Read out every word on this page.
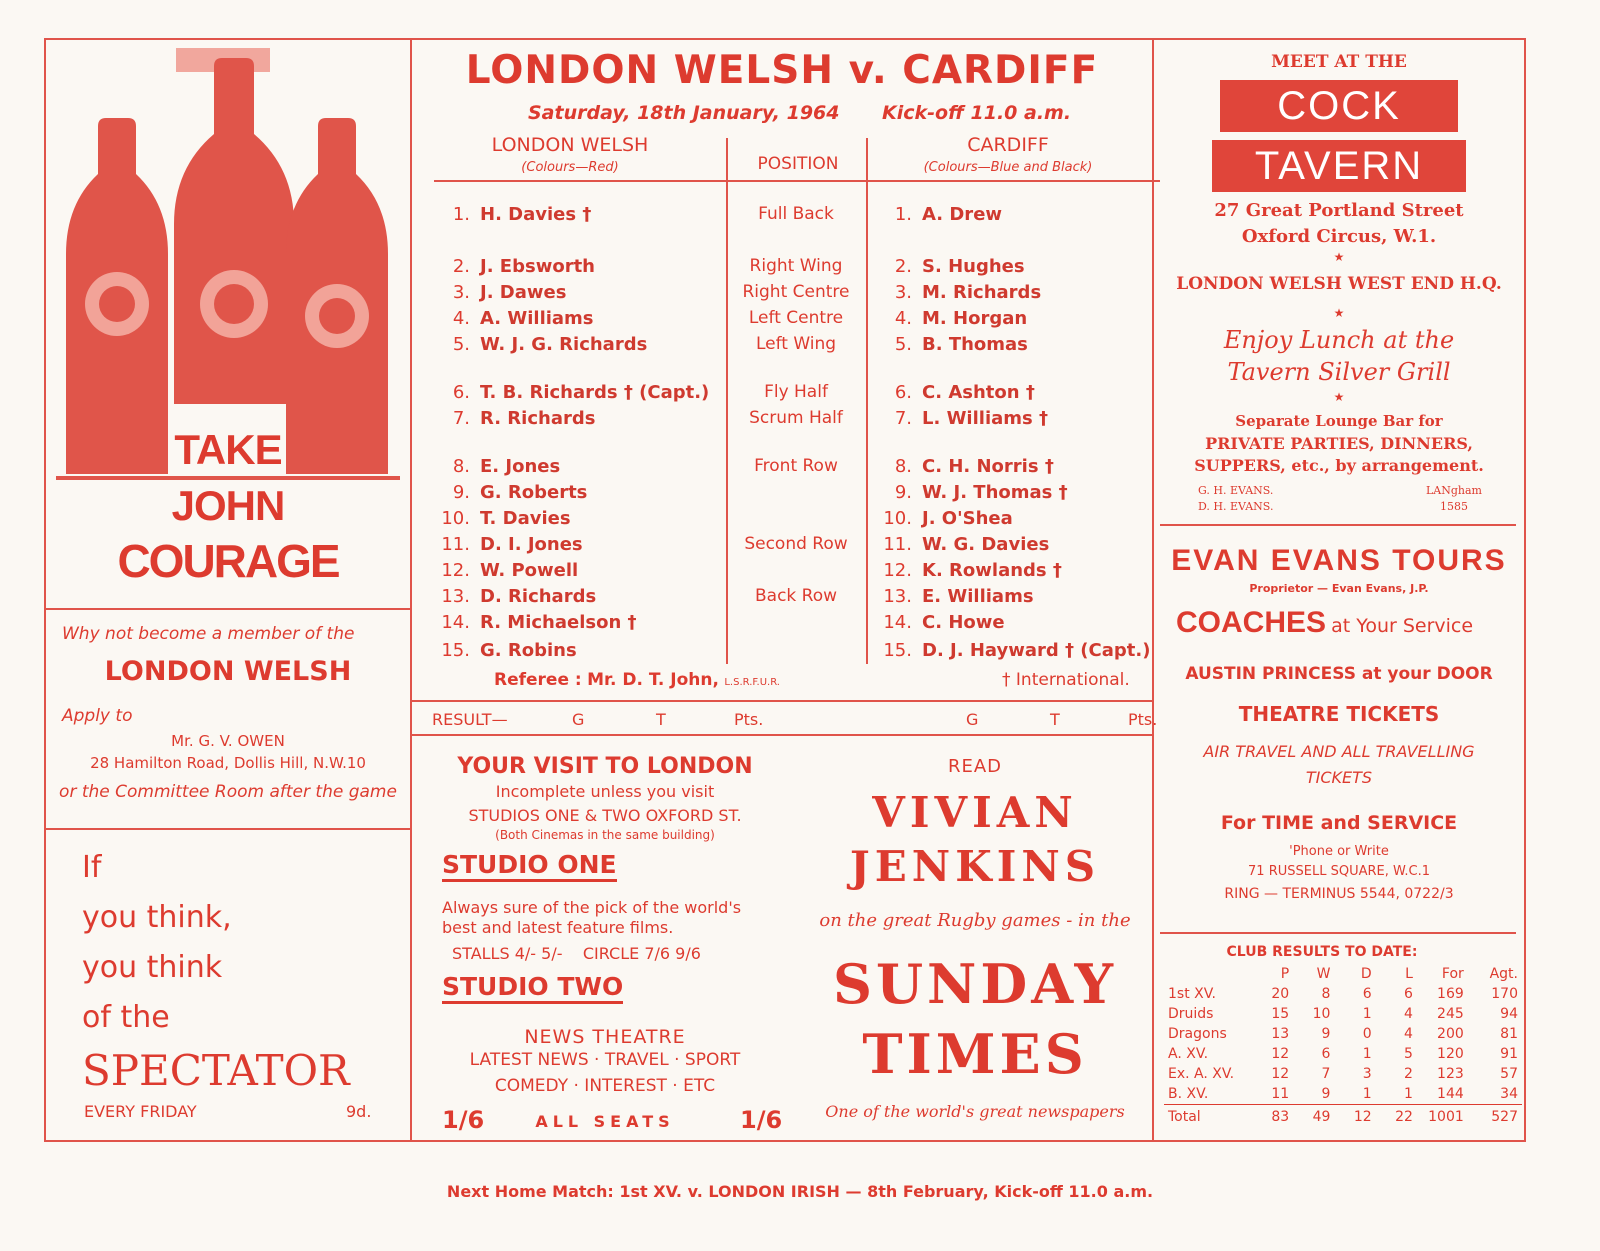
TAKE
JOHN
COURAGE
Why not become a member of the
LONDON WELSH
Apply to
Mr. G. V. OWEN
28 Hamilton Road, Dollis Hill, N.W.10
or the Committee Room after the game
If
you think,
you think
of the
SPECTATOR
EVERY FRIDAY	9d.
LONDON WELSH v. CARDIFF
Saturday, 18th January, 1964 Kick-off 11.0 a.m.
LONDON WELSH
(Colours—Red)	POSITION
CARDIFF
(Colours—Blue and Black)
1. H. Davies †	Full Back	1. A. Drew
2. J. Ebsworth	Right Wing	2. S. Hughes
3. J. Dawes	Right Centre	3. M. Richards
4. A. Williams	Left Centre	4. M. Horgan
5. W. J. G. Richards	Left Wing	5. B. Thomas
6. T. B. Richards † (Capt.)	Fly Half	6. C. Ashton †
7. R. Richards	Scrum Half	7. L. Williams †
8. E. Jones	Front Row	8. C. H. Norris †
9. G. Roberts	9. W. J. Thomas †
10. T. Davies	10. J. O'Shea
11. D. I. Jones	Second Row	11. W. G. Davies
12. W. Powell	12. K. Rowlands †
13. D. Richards	Back Row	13. E. Williams
14. R. Michaelson †	14. C. Howe
15. G. Robins	15. D. J. Hayward † (Capt.)
Referee : Mr. D. T. John, L.S.R.F.U.R.	† International.
RESULT—	G	T	Pts.	G	T	Pts.
YOUR VISIT TO LONDON
Incomplete unless you visit
STUDIOS ONE & TWO OXFORD ST.
(Both Cinemas in the same building)
STUDIO ONE
Always sure of the pick of the world's
best and latest feature films.
STALLS 4/- 5/-    CIRCLE 7/6 9/6
STUDIO TWO
NEWS THEATRE
LATEST NEWS · TRAVEL · SPORT
COMEDY · INTEREST · ETC
1/6	ALL SEATS	1/6
READ
VIVIAN
JENKINS
on the great Rugby games - in the
SUNDAY
TIMES
One of the world's great newspapers
MEET AT THE
COCK
TAVERN
27 Great Portland Street
Oxford Circus, W.1.
★
LONDON WELSH WEST END H.Q.
★
Enjoy Lunch at the
Tavern Silver Grill
★
Separate Lounge Bar for
PRIVATE PARTIES, DINNERS,
SUPPERS, etc., by arrangement.
G. H. EVANS.
D. H. EVANS.
LANgham
1585
EVAN EVANS TOURS
Proprietor — Evan Evans, J.P.
COACHES at Your Service
AUSTIN PRINCESS at your DOOR
THEATRE TICKETS
AIR TRAVEL AND ALL TRAVELLING
TICKETS
For TIME and SERVICE
'Phone or Write
71 RUSSELL SQUARE, W.C.1
RING — TERMINUS 5544, 0722/3
CLUB RESULTS TO DATE:
	P	W	D	L	For	Agt.
1st XV.	20	8	6	6	169	170
Druids	15	10	1	4	245	94
Dragons	13	9	0	4	200	81
A. XV.	12	6	1	5	120	91
Ex. A. XV.	12	7	3	2	123	57
B. XV.	11	9	1	1	144	34
Total	83	49	12	22	1001	527
Next Home Match: 1st XV. v. LONDON IRISH — 8th February, Kick-off 11.0 a.m.
